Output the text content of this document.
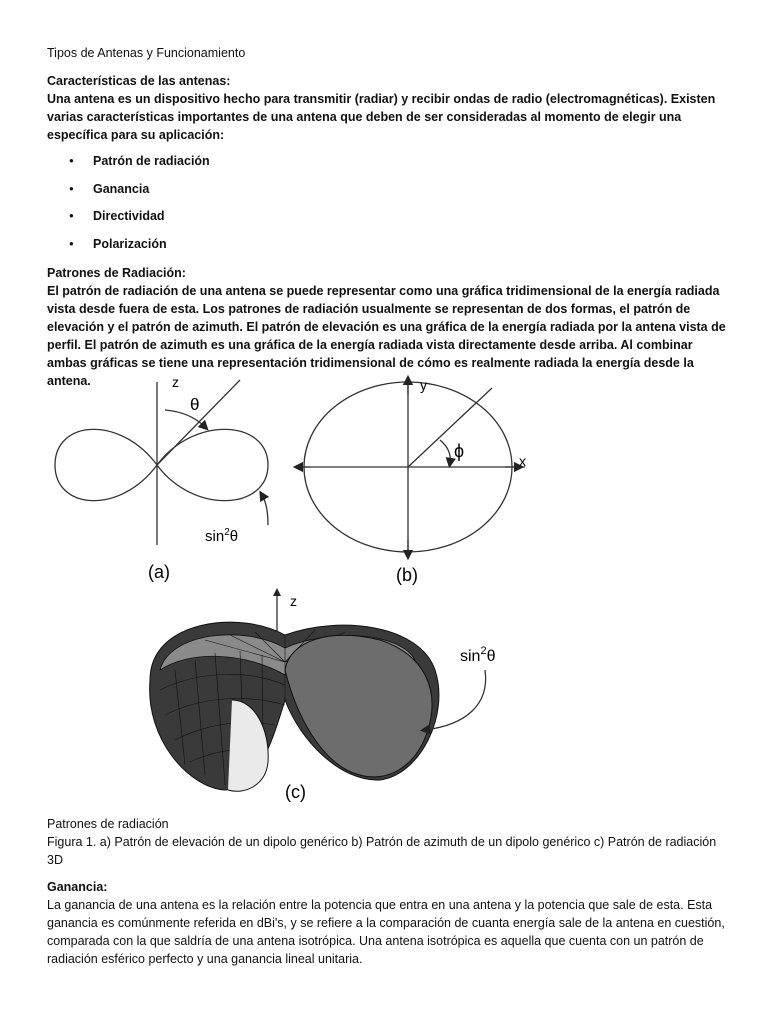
Tipos de Antenas y Funcionamiento

Características de las antenas:

Una antena es un dispositivo hecho para transmitir (radiar) y recibir ondas de radio (electromagnéticas). Existen varias características importantes de una antena que deben de ser consideradas al momento de elegir una específica para su aplicación:

● Patrón de radiación
● Ganancia
● Directividad
● Polarización

Patrones de Radiación:

El patrón de radiación de una antena se puede representar como una gráfica tridimensional de la energía radiada vista desde fuera de esta. Los patrones de radiación usualmente se representan de dos formas, el patrón de elevación y el patrón de azimuth. El patrón de elevación es una gráfica de la energía radiada por la antena vista de perfil. El patrón de azimuth es una gráfica de la energía radiada vista directamente desde arriba. Al combinar ambas gráficas se tiene una representación tridimensional de cómo es realmente radiada la energía desde la antena.	z
θ
$\sin^2\theta$
(a)
y
x
ϕ
(b)
z
$\sin^2\theta$
(c)

Patrones de radiación

Figura 1. a) Patrón de elevación de un dipolo genérico b) Patrón de azimuth de un dipolo genérico c) Patrón de radiación 3D

Ganancia:

La ganancia de una antena es la relación entre la potencia que entra en una antena y la potencia que sale de esta. Esta ganancia es comúnmente referida en dBi's, y se refiere a la comparación de cuanta energía sale de la antena en cuestión, comparada con la que saldría de una antena isotrópica. Una antena isotrópica es aquella que cuenta con un patrón de radiación esférico perfecto y una ganancia lineal unitaria.
